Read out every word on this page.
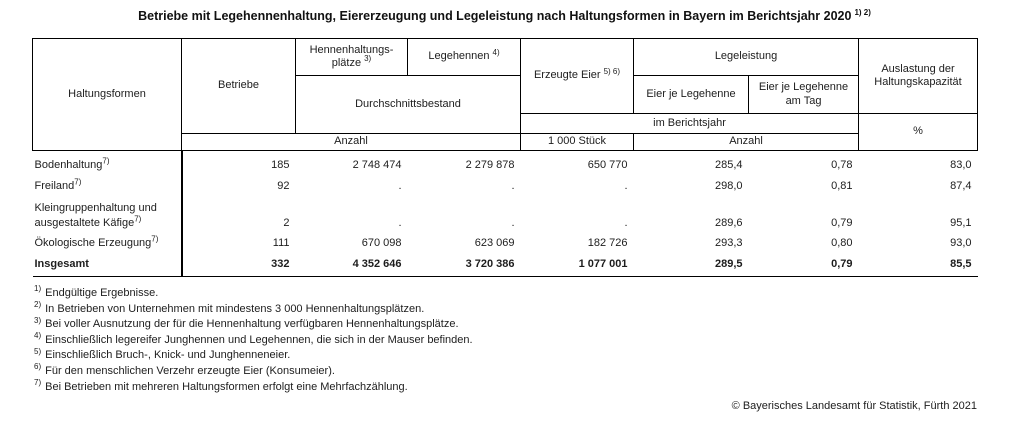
Betriebe mit Legehennenhaltung, Eiererzeugung und Legeleistung nach Haltungsformen in Bayern im Berichtsjahr 2020 $^{1) 2)}$
Haltungsformen	Betriebe	Hennenhaltungs-
plätze $^{3)}$	Legehennen $^{4)}$	Erzeugte Eier $^{5) 6)}$	Legeleistung		Auslastung der
Haltungskapazität
		Durchschnittsbestand			Eier je Legehenne	Eier je Legehenne
am Tag	
				im Berichtsjahr			%
	Anzahl			1 000 Stück	Anzahl		
Bodenhaltung$^{7)}$	185	2 748 474	2 279 878	650 770	285,4	0,78	83,0
Freiland$^{7)}$	92	.	.	.	298,0	0,81	87,4
Kleingruppenhaltung und
ausgestaltete Käfige$^{7)}$	2	.	.	.	289,6	0,79	95,1
Ökologische Erzeugung$^{7)}$	111	670 098	623 069	182 726	293,3	0,80	93,0
Insgesamt	332	4 352 646	3 720 386	1 077 001	289,5	0,79	85,5
$^{1)}$ Endgültige Ergebnisse.
$^{2)}$ In Betrieben von Unternehmen mit mindestens 3 000 Hennenhaltungsplätzen.
$^{3)}$ Bei voller Ausnutzung der für die Hennenhaltung verfügbaren Hennenhaltungsplätze.
$^{4)}$ Einschließlich legereifer Junghennen und Legehennen, die sich in der Mauser befinden.
$^{5)}$ Einschließlich Bruch-, Knick- und Junghenneneier.
$^{6)}$ Für den menschlichen Verzehr erzeugte Eier (Konsumeier).
$^{7)}$ Bei Betrieben mit mehreren Haltungsformen erfolgt eine Mehrfachzählung.
© Bayerisches Landesamt für Statistik, Fürth 2021
